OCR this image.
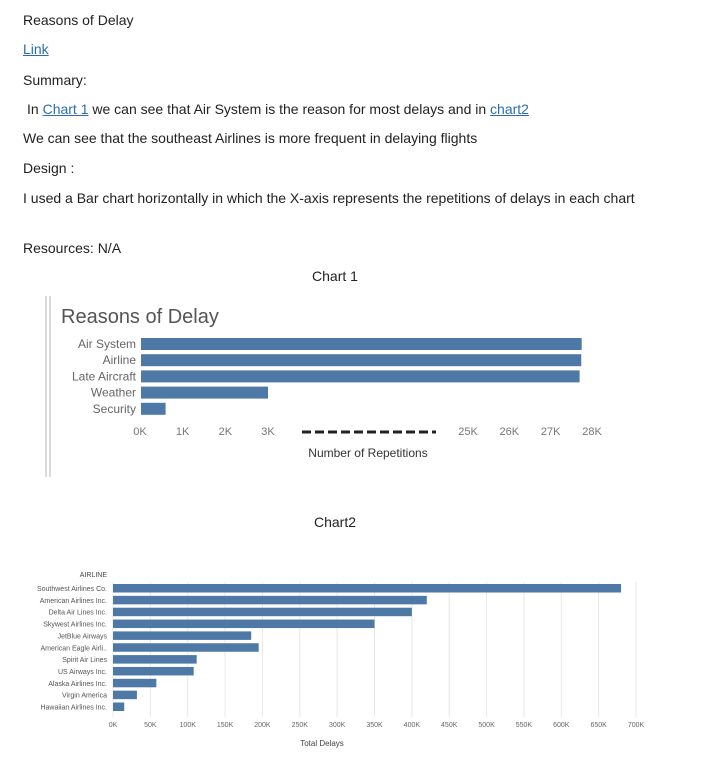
Reasons of Delay
Link
Summary:
In Chart 1 we can see that Air System is the reason for most delays and in chart2
We can see that the southeast Airlines is more frequent in delaying flights
Design :
I used a Bar chart horizontally in which the X-axis represents the repetitions of delays in each chart
Resources: N/A
Chart 1
Chart2
Reasons of Delay
Air System
Airline
Late Aircraft
Weather
Security
0K	1K	2K	3K	25K 26K 27K 28K
Number of Repetitions
AIRLINE
Southwest Airlines Co.
American Airlines Inc.
Delta Air Lines Inc.
Skywest Airlines Inc.
JetBlue Airways
American Eagle Airli..
Spirit Air Lines
US Airways Inc.
Alaska Airlines Inc.
Virgin America
Hawaiian Airlines Inc.
0K	50K	100K	150K	200K	250K	300K	350K	400K	450K	500K	550K	600K	650K	700K
Total Delays
